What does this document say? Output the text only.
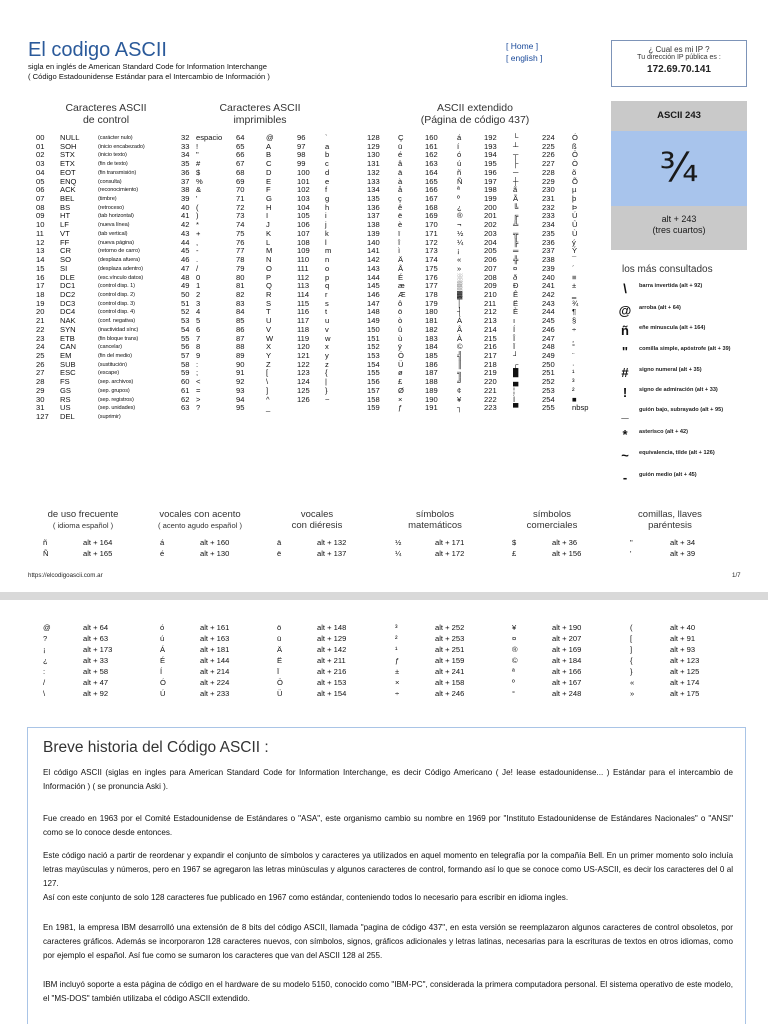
El codigo ASCII
sigla en inglés de American Standard Code for Information Interchange
( Código Estadounidense Estándar para el Intercambio de Información )
[ Home ]
[ english ]
¿ Cual es mi IP ?
Tu dirección IP pública es :
172.69.70.141
Caracteres ASCII
de control
Caracteres ASCII
imprimibles
ASCII extendido
(Página de código 437)
00 NULL	(carácter nulo)
01 SOH	(inicio encabezado)
02 STX	(inicio texto)
03 ETX	(fin de texto)
04 EOT	(fin transmisión)
05 ENQ	(consulta)
06 ACK	(reconocimiento)
07 BEL	(timbre)
08 BS	(retroceso)
09 HT	(tab horizontal)
10 LF	(nueva línea)
11 VT	(tab vertical)
12 FF	(nueva página)
13 CR	(retorno de carro)
14 SO	(desplaza afuera)
15 SI	(desplaza adentro)
16 DLE	(esc.vínculo datos)
17 DC1	(control disp. 1)
18 DC2	(control disp. 2)
19 DC3	(control disp. 3)
20 DC4	(control disp. 4)
21 NAK	(conf. negativa)
22 SYN	(inactividad sínc)
23 ETB	(fin bloque trans)
24 CAN	(cancelar)
25 EM	(fin del medio)
26 SUB	(sustitución)
27 ESC	(escape)
28 FS	(sep. archivos)
29 GS	(sep. grupos)
30 RS	(sep. registros)
31 US	(sep. unidades)
127 DEL	(suprimir)
32 espacio 64	@	96	`
33 !	65	A	97	a
34 "	66	B	98	b
35 #	67	C	99	c
36 $	68	D	100 d
37 %	69	E	101 e
38 &	70	F	102 f
39 '	71	G	103 g
40 (	72	H	104 h
41 )	73	I	105 i
42 *	74	J	106 j
43 +	75	K	107 k
44 ,	76	L	108 l
45 -	77	M	109 m
46 .	78	N	110 n
47 /	79	O	111 o
48 0	80	P	112 p
49 1	81	Q	113 q
50 2	82	R	114 r
51 3	83	S	115 s
52 4	84	T	116 t
53 5	85	U	117 u
54 6	86	V	118 v
55 7	87	W	119 w
56 8	88	X	120 x
57 9	89	Y	121 y
58 :	90	Z	122 z
59 ;	91	[	123 {
60 <	92	\	124 |
61 =	93	]	125 }
62 >	94	^	126 ~
63 ?	95	_
128 Ç	160	á	192 └	224 Ó
129 ü	161	í	193 ┴	225 ß
130 é	162	ó	194 ┬	226 Ô
131 â	163	ú	195 ├	227 Ò
132 ä	164	ñ	196 ─	228 õ
133 à	165	Ñ	197 ┼	229 Õ
134 å	166	ª	198 ã	230 µ
135 ç	167	º	199 Ã	231 þ
136 ê	168	¿	200 ╚	232 Þ
137 ë	169	®	201 ╔	233 Ú
138 è	170	¬	202 ╩	234 Û
139 ï	171	½	203 ╦	235 Ù
140 î	172	¼	204 ╠	236 ý
141 ì	173	¡	205 ═	237 Ý
142 Ä	174	«	206 ╬	238 ¯
143 Å	175	»	207 ¤	239 ´
144 É	176	░	208 ð	240 ≡
145 æ	177	▒	209 Ð	241 ±
146 Æ	178	▓	210 Ê	242 ‗
147 ô	179	│	211 Ë	243 ¾
148 ö	180	┤	212 È	244 ¶
149 ò	181	Á	213 ı	245 §
150 û	182	Â	214 Í	246 ÷
151 ù	183	À	215 Î	247 ¸
152 ÿ	184	©	216 Ï	248 °
153 Ö	185	╣	217 ┘	249 ¨
154 Ü	186	║	218 ┌	250 ·
155 ø	187	╗	219 █	251 ¹
156 £	188	╝	220 ▄	252 ³
157 Ø	189	¢	221 ¦	253 ²
158 ×	190	¥	222 Ì	254 ■
159 ƒ	191	┐	223 ▀	255 nbsp
ASCII 243
¾
alt + 243
(tres cuartos)
los más consultados
\	barra invertida (alt + 92)
@ arroba (alt + 64)
ñ	eñe minuscula (alt + 164)
"	comilla simple, apóstrofe (alt + 39)
#	signo numeral (alt + 35)
!	signo de admiración (alt + 33)
_	guión bajo, subrayado (alt + 95)
*	asterisco (alt + 42)
~	equivalencia, tilde (alt + 126)
-	guión medio (alt + 45)
de uso frecuente
( idioma español )
ñ	alt + 164
Ñ	alt + 165
vocales con acento
( acento agudo español )
á	alt + 160
é	alt + 130
vocales
con diéresis
ä	alt + 132
ë	alt + 137
símbolos
matemáticos
½	alt + 171
¼	alt + 172
símbolos
comerciales
$	alt + 36
£	alt + 156
comillas, llaves
paréntesis
"	alt + 34
'	alt + 39
https://elcodigoascii.com.ar	1/7
@	alt + 64	ó	alt + 161	ö	alt + 148	³	alt + 252	¥	alt + 190	(	alt + 40
?	alt + 63	ú	alt + 163	ü	alt + 129	²	alt + 253	¤	alt + 207	[	alt + 91
¡	alt + 173	Á	alt + 181	Ä	alt + 142	¹	alt + 251	®	alt + 169	]	alt + 93
¿	alt + 33	É	alt + 144	Ë	alt + 211	ƒ	alt + 159	©	alt + 184	{	alt + 123
:	alt + 58	Í	alt + 214	Ï	alt + 216	±	alt + 241	ª	alt + 166	}	alt + 125
/	alt + 47	Ó	alt + 224	Ö	alt + 153	×	alt + 158	º	alt + 167	«	alt + 174
\	alt + 92	Ú	alt + 233	Ü	alt + 154	÷	alt + 246	°	alt + 248	»	alt + 175
Breve historia del Código ASCII :

El código ASCII (siglas en ingles para American Standard Code for Information Interchange, es decir Código Americano ( Je! lease estadounidense... ) Estándar para el intercambio de Información ) ( se pronuncia Aski ).

Fue creado en 1963 por el Comité Estadounidense de Estándares o "ASA", este organismo cambio su nombre en 1969 por "Instituto Estadounidense de Estándares Nacionales" o "ANSI" como se lo conoce desde entonces.

Este código nació a partir de reordenar y expandir el conjunto de símbolos y caracteres ya utilizados en aquel momento en telegrafía por la compañía Bell. En un primer momento solo incluía letras mayúsculas y números, pero en 1967 se agregaron las letras minúsculas y algunos caracteres de control, formando así lo que se conoce como US-ASCII, es decir los caracteres del 0 al 127.

Así con este conjunto de solo 128 caracteres fue publicado en 1967 como estándar, conteniendo todos lo necesario para escribir en idioma ingles.

En 1981, la empresa IBM desarrolló una extensión de 8 bits del código ASCII, llamada "pagina de código 437", en esta versión se reemplazaron algunos caracteres de control obsoletos, por caracteres gráficos. Además se incorporaron 128 caracteres nuevos, con símbolos, signos, gráficos adicionales y letras latinas, necesarias para la escrituras de textos en otros idiomas, como por ejemplo el español. Así fue como se sumaron los caracteres que van del ASCII 128 al 255.

IBM incluyó soporte a esta página de código en el hardware de su modelo 5150, conocido como "IBM-PC", considerada la primera computadora personal. El sistema operativo de este modelo, el "MS-DOS" también utilizaba el código ASCII extendido.
